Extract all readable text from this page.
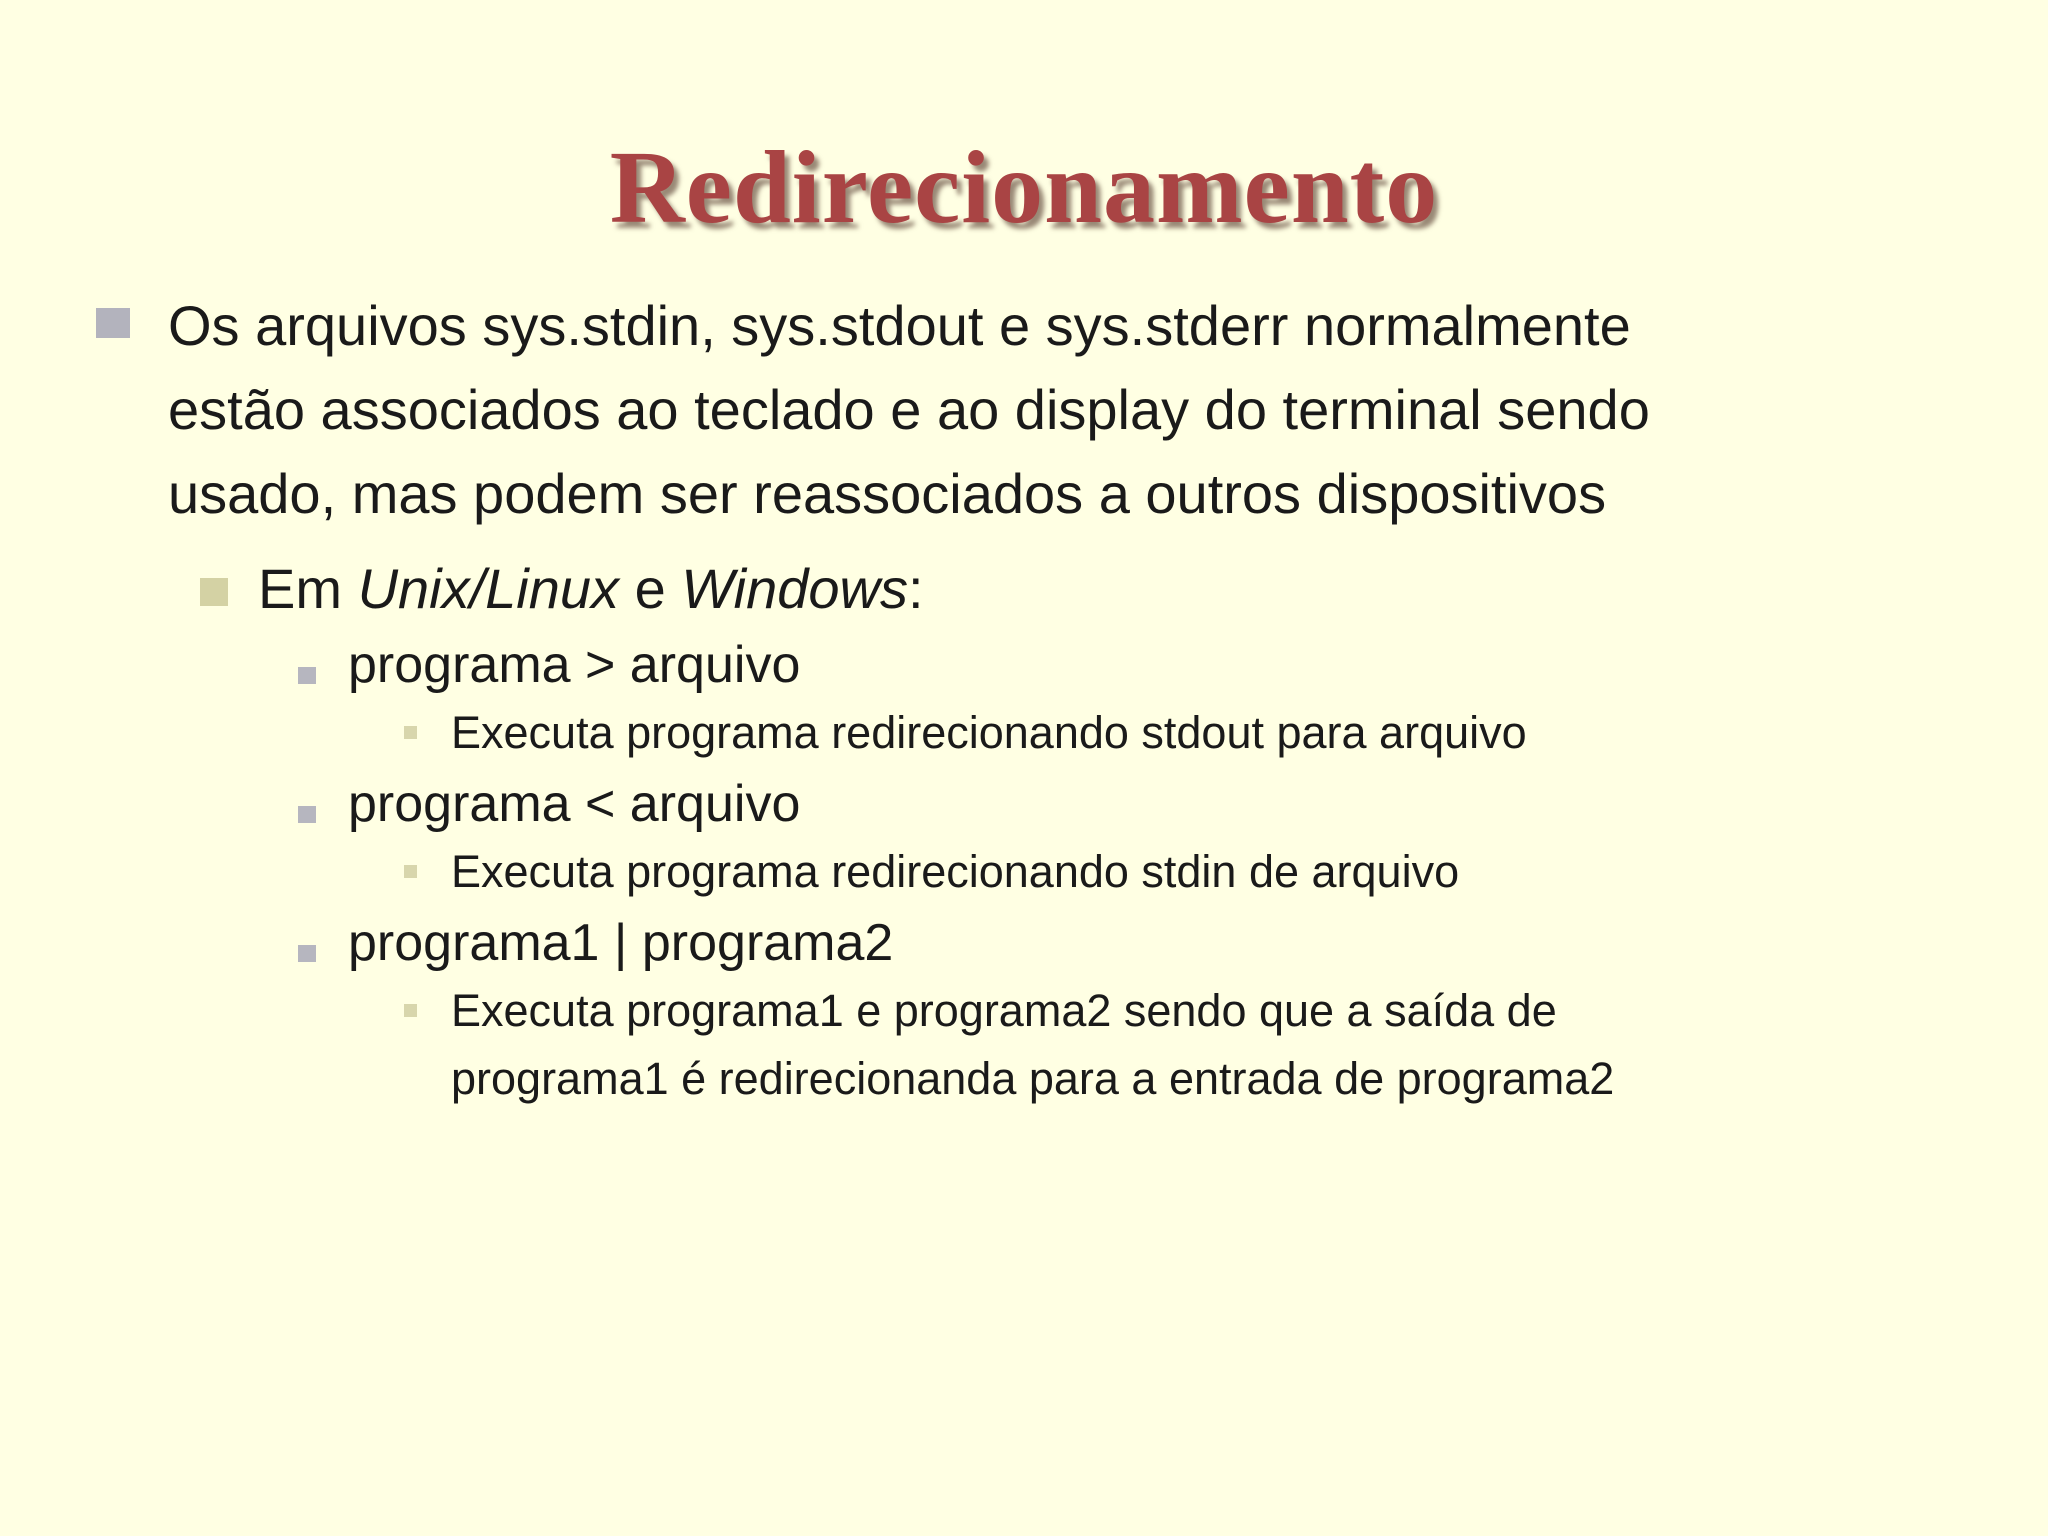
Redirecionamento
Os arquivos sys.stdin, sys.stdout e sys.stderr normalmente
estão associados ao teclado e ao display do terminal sendo
usado, mas podem ser reassociados a outros dispositivos
Em Unix/Linux e Windows:
programa > arquivo
Executa programa redirecionando stdout para arquivo
programa < arquivo
Executa programa redirecionando stdin de arquivo
programa1 | programa2
Executa programa1 e programa2 sendo que a saída de
programa1 é redirecionanda para a entrada de programa2
